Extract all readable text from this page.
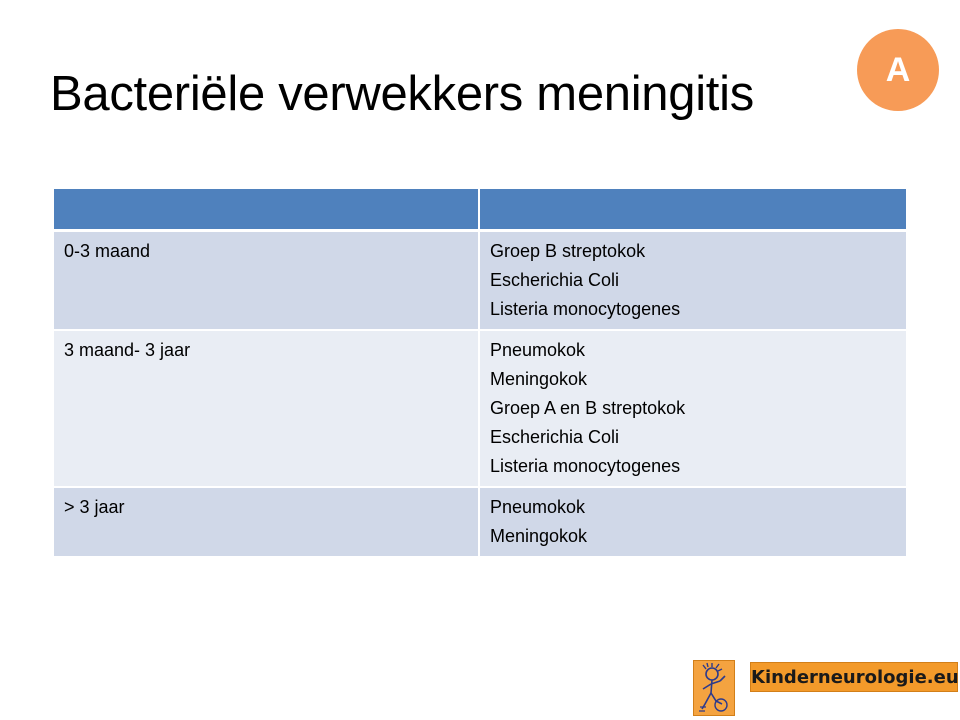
Bacteriële verwekkers meningitis	A

0-3 maand	Groep B streptokok
Escherichia Coli
Listeria monocytogenes

3 maand- 3 jaar	Pneumokok
Meningokok
Groep A en B streptokok
Escherichia Coli
Listeria monocytogenes

> 3 jaar	Pneumokok
Meningokok
Kinderneurologie.eu
